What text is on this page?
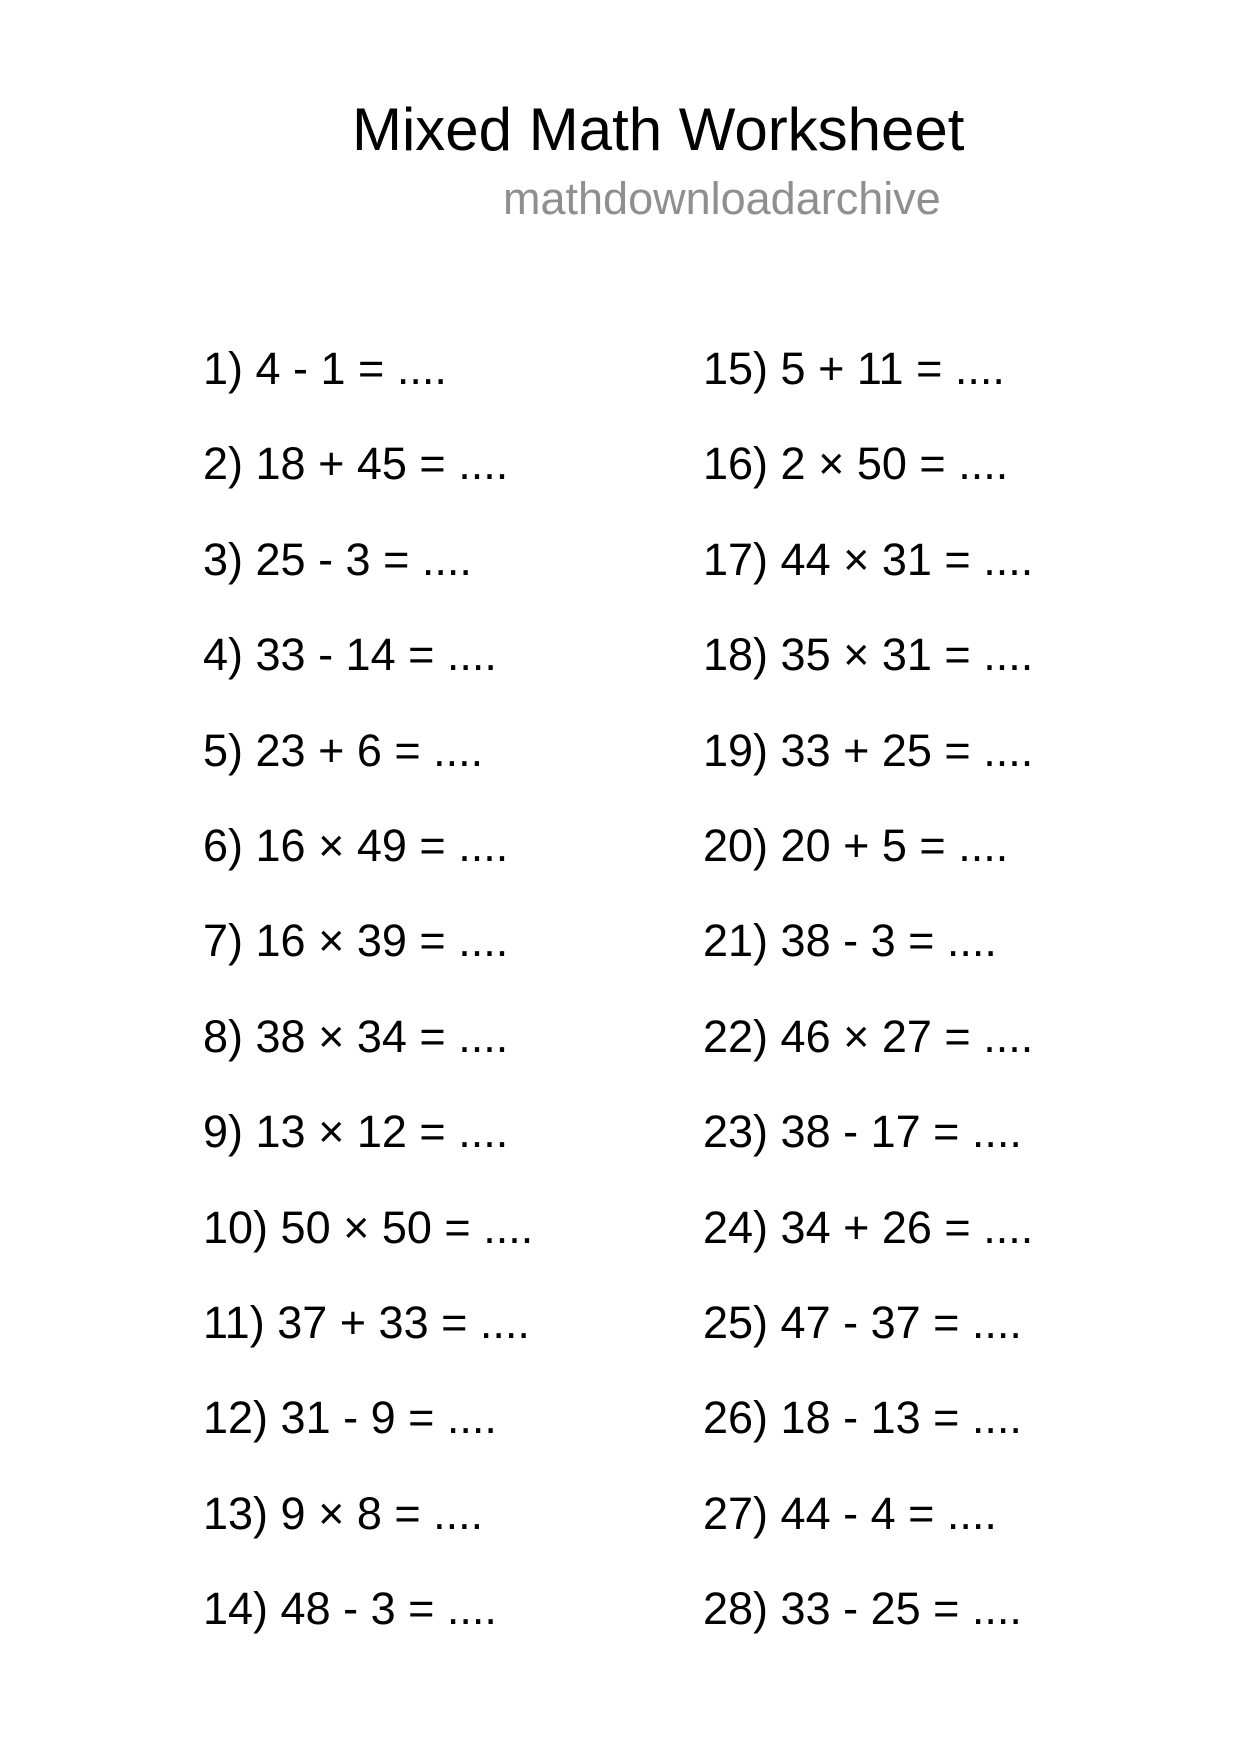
Mixed Math Worksheet
mathdownloadarchive
1) 4 - 1 = ....
2) 18 + 45 = ....
3) 25 - 3 = ....
4) 33 - 14 = ....
5) 23 + 6 = ....
6) 16 × 49 = ....
7) 16 × 39 = ....
8) 38 × 34 = ....
9) 13 × 12 = ....
10) 50 × 50 = ....
11) 37 + 33 = ....
12) 31 - 9 = ....
13) 9 × 8 = ....
14) 48 - 3 = ....
15) 5 + 11 = ....
16) 2 × 50 = ....
17) 44 × 31 = ....
18) 35 × 31 = ....
19) 33 + 25 = ....
20) 20 + 5 = ....
21) 38 - 3 = ....
22) 46 × 27 = ....
23) 38 - 17 = ....
24) 34 + 26 = ....
25) 47 - 37 = ....
26) 18 - 13 = ....
27) 44 - 4 = ....
28) 33 - 25 = ....
